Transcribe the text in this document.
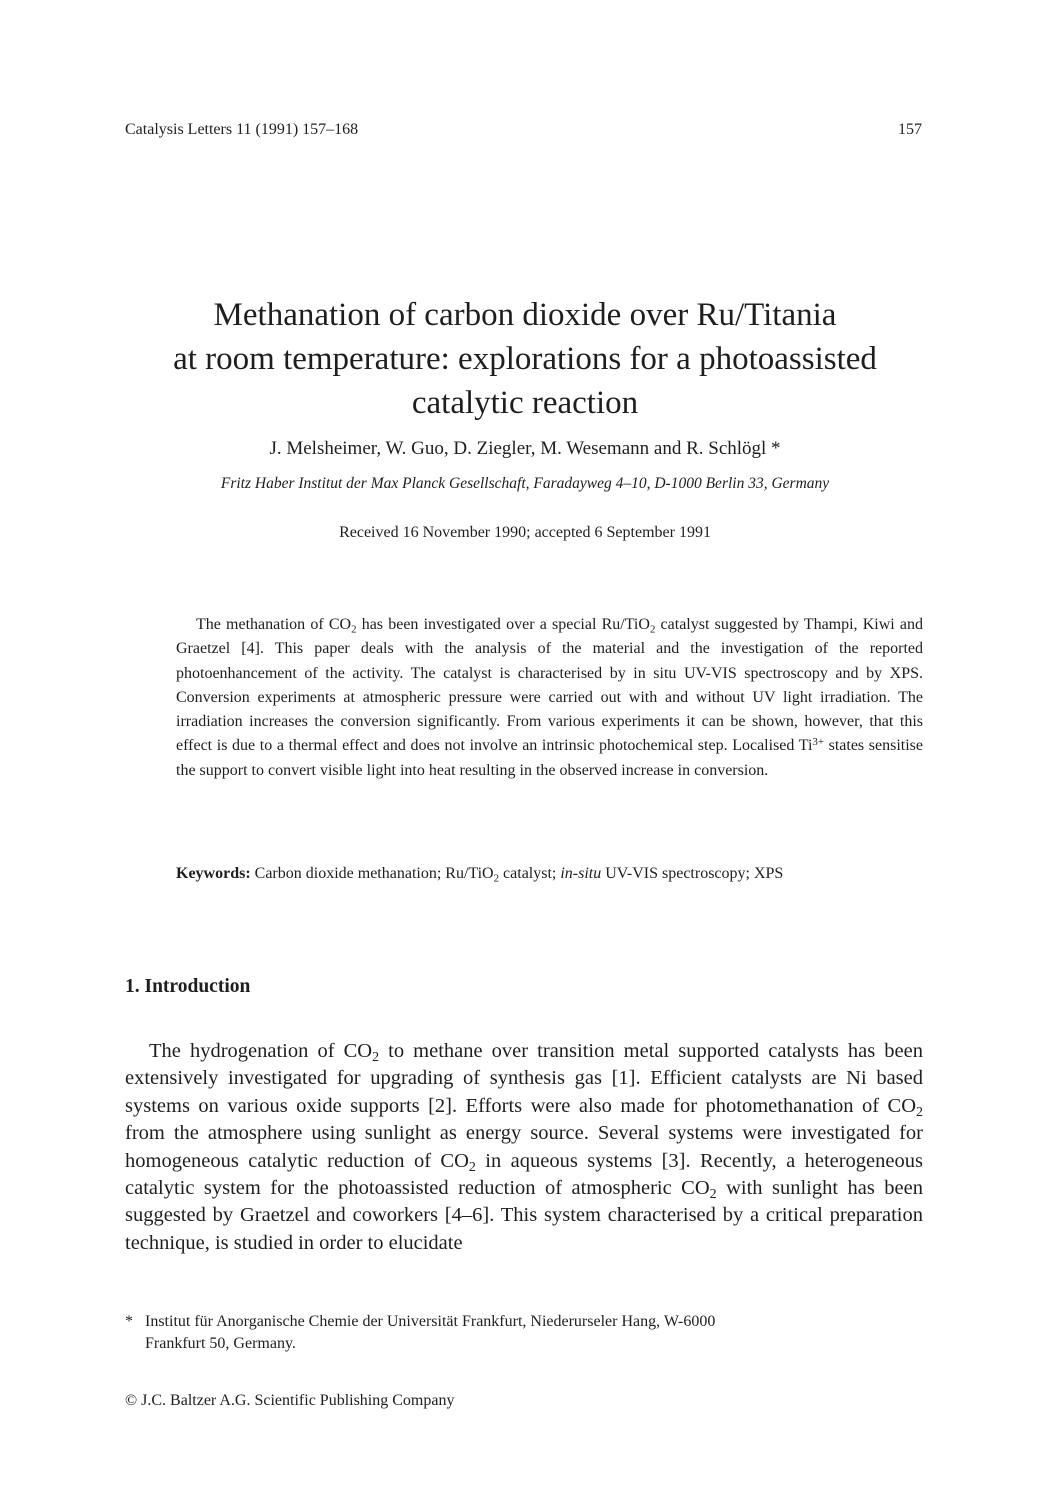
Catalysis Letters 11 (1991) 157–168	157
Methanation of carbon dioxide over Ru/Titania
at room temperature: explorations for a photoassisted
catalytic reaction
J. Melsheimer, W. Guo, D. Ziegler, M. Wesemann and R. Schlögl *
Fritz Haber Institut der Max Planck Gesellschaft, Faradayweg 4–10, D-1000 Berlin 33, Germany
Received 16 November 1990; accepted 6 September 1991

The methanation of $CO_2$ has been investigated over a special Ru/TiO$_2$ catalyst suggested by Thampi, Kiwi and Graetzel [4]. This paper deals with the analysis of the material and the investigation of the reported photoenhancement of the activity. The catalyst is characterised by in situ UV-VIS spectroscopy and by XPS. Conversion experiments at atmospheric pressure were carried out with and without UV light irradiation. The irradiation increases the conversion significantly. From various experiments it can be shown, however, that this effect is due to a thermal effect and does not involve an intrinsic photochemical step. Localised $Ti^{3+}$ states sensitise the support to convert visible light into heat resulting in the observed increase in conversion.

Keywords: Carbon dioxide methanation; Ru/TiO$_2$ catalyst; in-situ UV-VIS spectroscopy; XPS

1. Introduction

The hydrogenation of $CO_2$ to methane over transition metal supported catalysts has been extensively investigated for upgrading of synthesis gas [1]. Efficient catalysts are Ni based systems on various oxide supports [2]. Efforts were also made for photomethanation of $CO_2$ from the atmosphere using sunlight as energy source. Several systems were investigated for homogeneous catalytic reduction of $CO_2$ in aqueous systems [3]. Recently, a heterogeneous catalytic system for the photoassisted reduction of atmospheric $CO_2$ with sunlight has been suggested by Graetzel and coworkers [4–6]. This system characterised by a critical preparation technique, is studied in order to elucidate

* Institut für Anorganische Chemie der Universität Frankfurt, Niederurseler Hang, W-6000
Frankfurt 50, Germany.

© J.C. Baltzer A.G. Scientific Publishing Company
